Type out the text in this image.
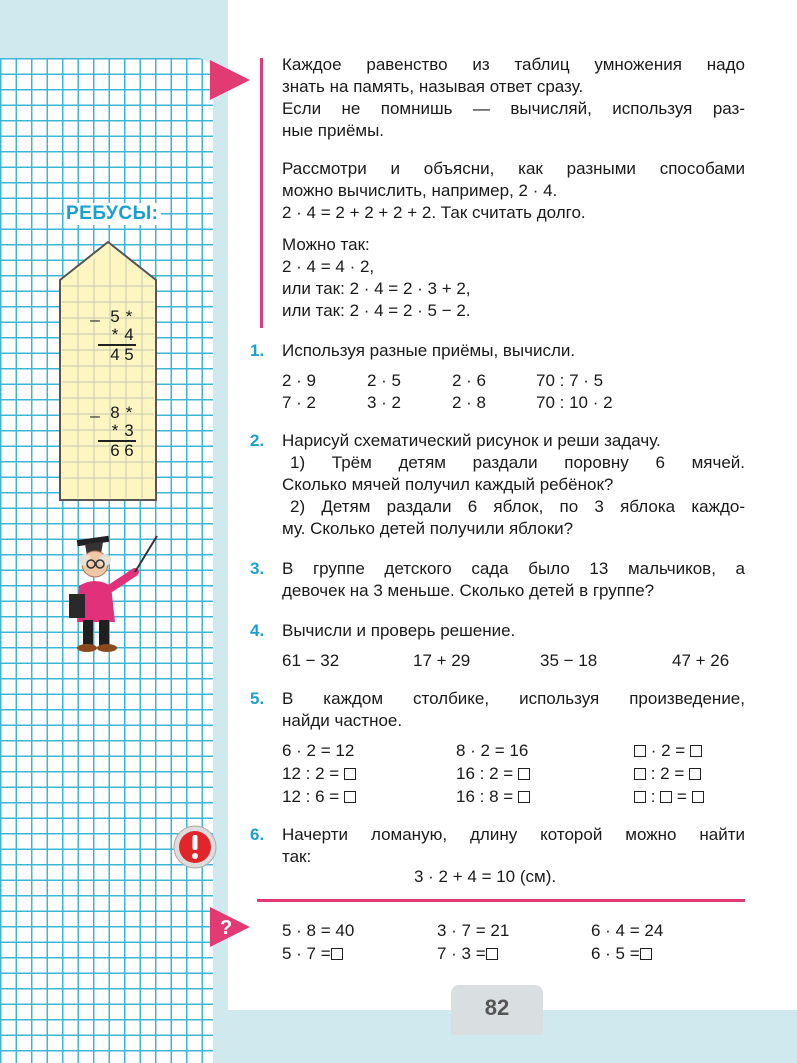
РЕБУСЫ:
_ 5 *
* 4
4 5
_ 8 *
* 3
6 6
?
Каждое равенство из таблиц умножения надо
знать на память, называя ответ сразу.
Если не помнишь — вычисляй, используя раз-
ные приёмы.
Рассмотри и объясни, как разными способами
можно вычислить, например, 2 · 4.
2 · 4 = 2 + 2 + 2 + 2. Так считать долго.
Можно так:
2 · 4 = 4 · 2,
или так: 2 · 4 = 2 · 3 + 2,
или так: 2 · 4 = 2 · 5 − 2.
1. Используя разные приёмы, вычисли.
2 · 9	2 · 5	2 · 6	70 : 7 · 5
7 · 2	3 · 2	2 · 8	70 : 10 · 2
2. Нарисуй схематический рисунок и реши задачу.
1) Трём детям раздали поровну 6 мячей.
Сколько мячей получил каждый ребёнок?
2) Детям раздали 6 яблок, по 3 яблока каждо-
му. Сколько детей получили яблоки?
3. В группе детского сада было 13 мальчиков, а
девочек на 3 меньше. Сколько детей в группе?
4. Вычисли и проверь решение.
61 − 32	17 + 29	35 − 18	47 + 26
5. В каждом столбике, используя произведение,
найди частное.
6 · 2 = 12
12 : 2 =
12 : 6 =
8 · 2 = 16
16 : 2 =
16 : 8 =
· 2 =
: 2 =
: =
6. Начерти ломаную, длину которой можно найти
так:
3 · 2 + 4 = 10 (см).
5 · 8 = 40	3 · 7 = 21	6 · 4 = 24
5 · 7 =	7 · 3 =	6 · 5 =
82
